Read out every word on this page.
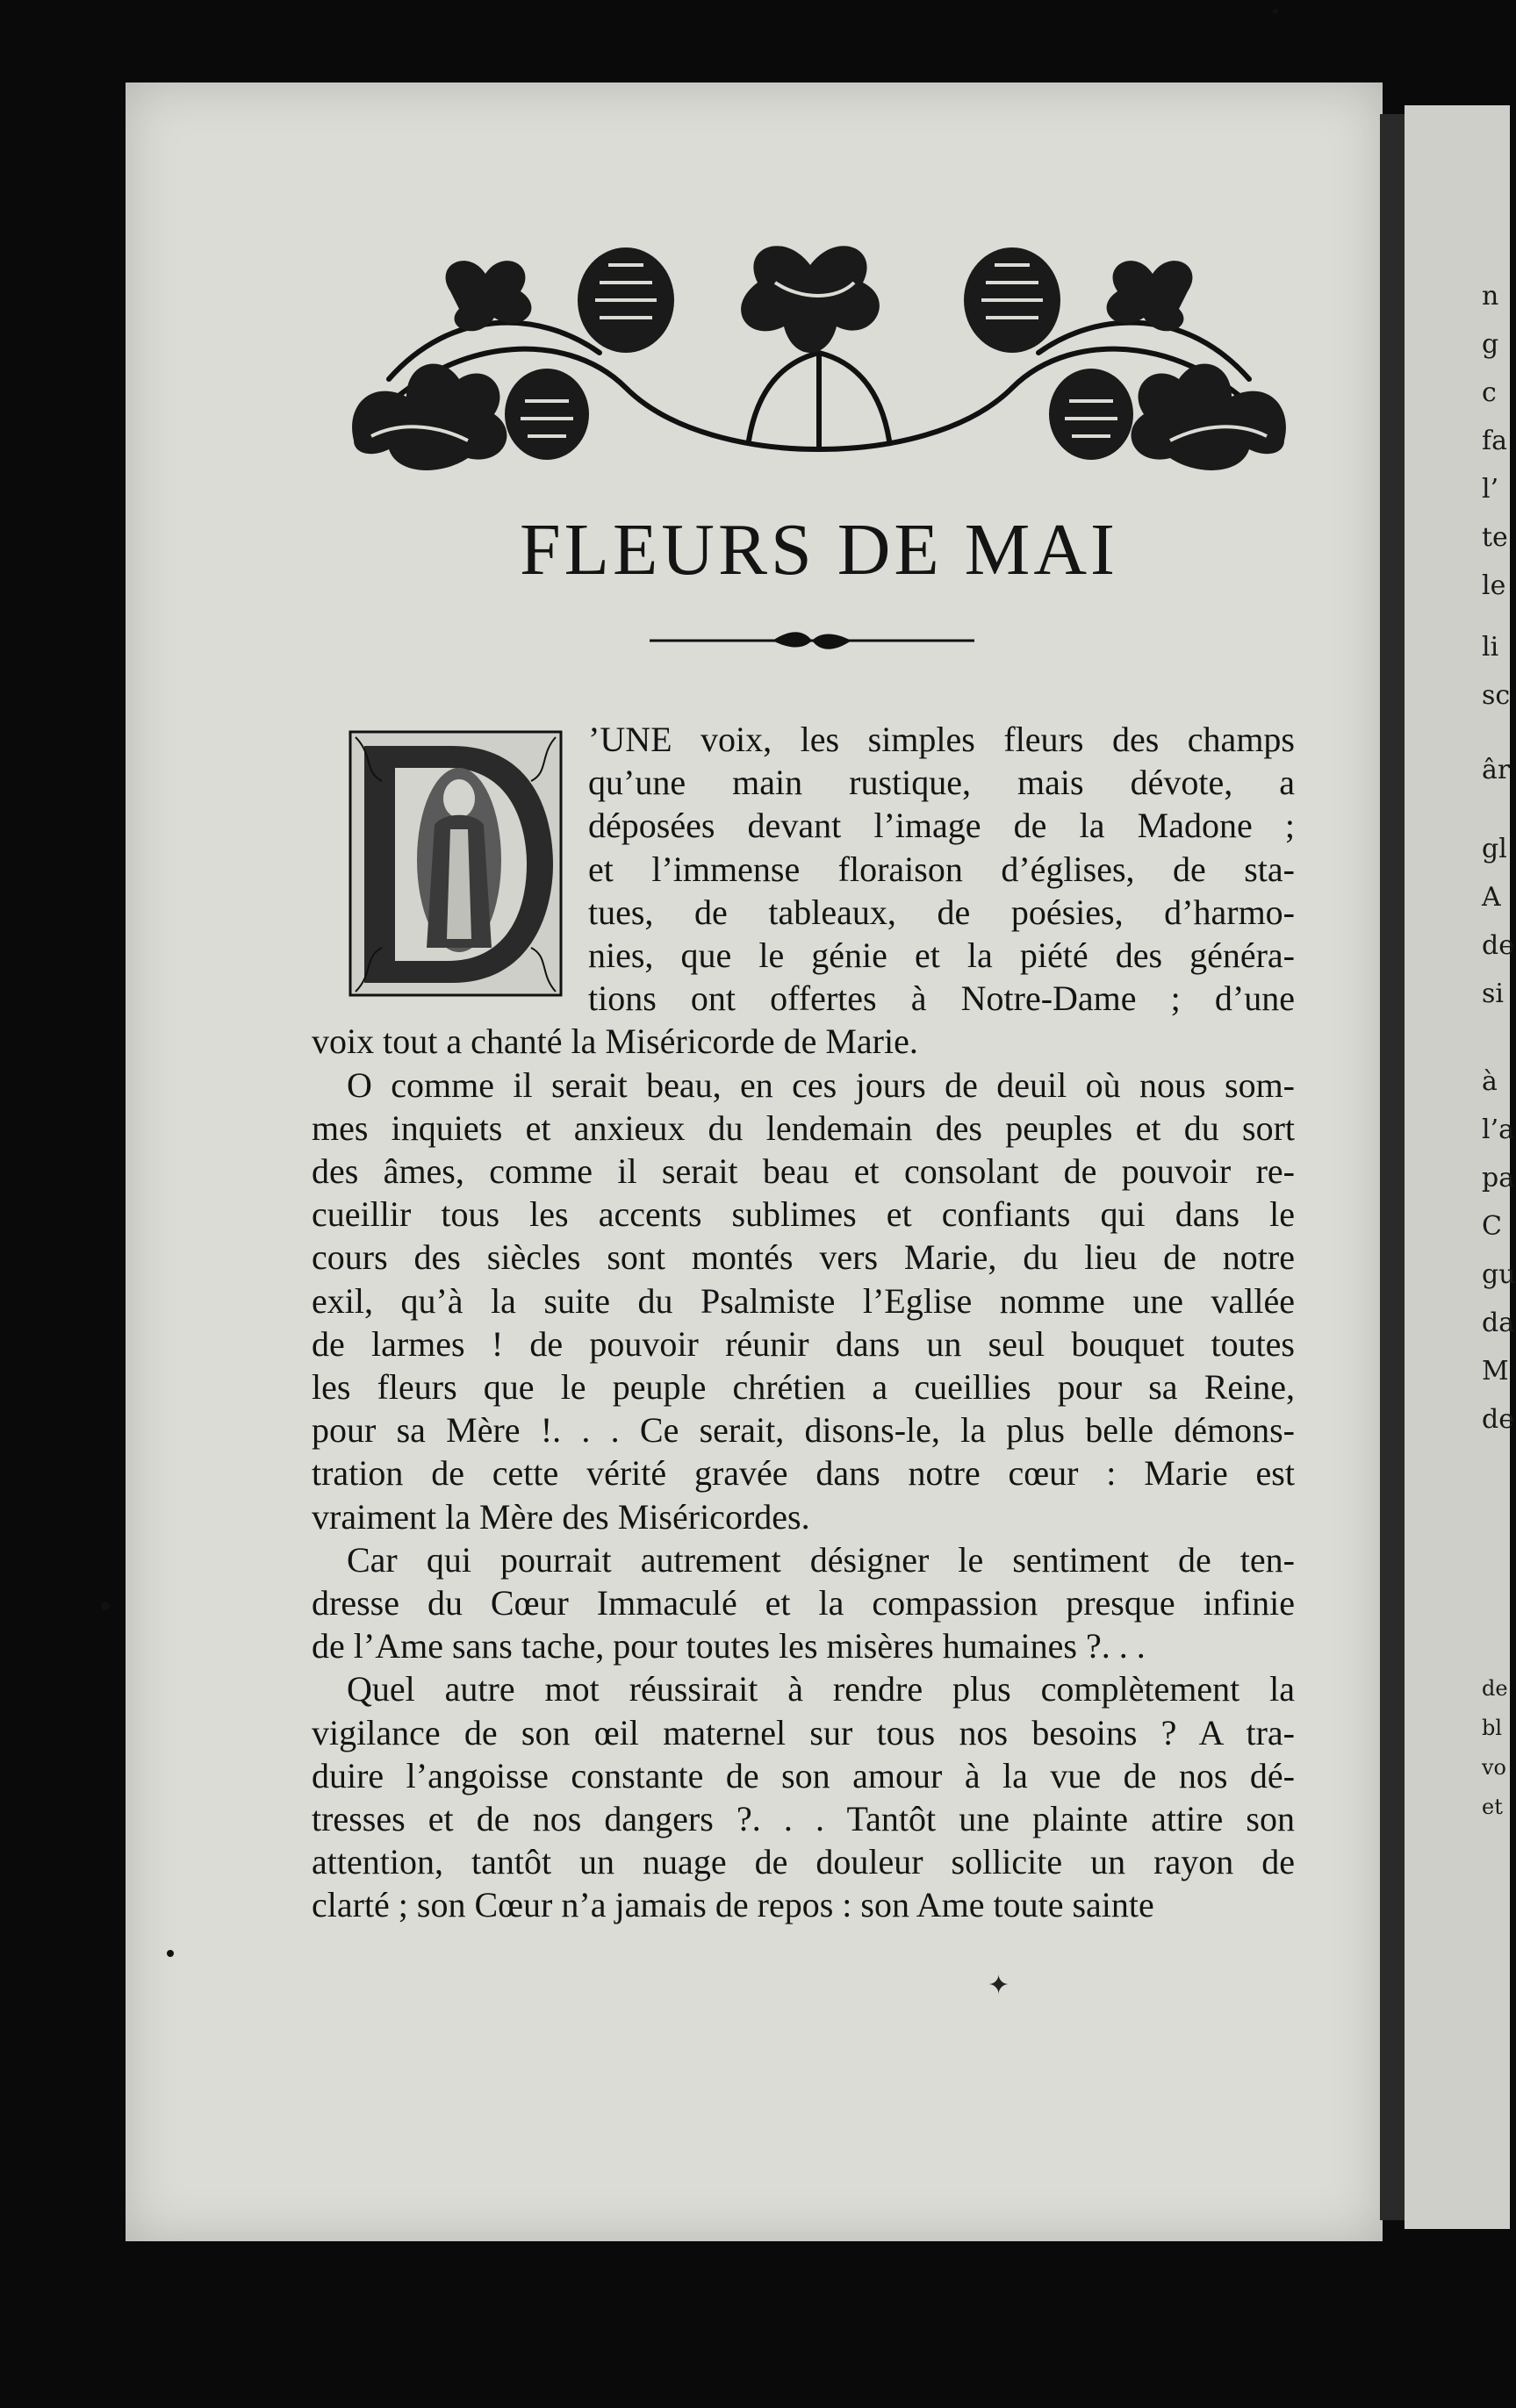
n
g
c
fa
l’
te
le
li
sc
âr
gl
A
de
si
à
l’a
pa
C
gu
da
M
de
de
bl
vo
et
FLEURS DE MAI

’UNE voix, les simples fleurs des champs
qu’une main rustique, mais dévote, a
déposées devant l’image de la Madone ;
et l’immense floraison d’églises, de sta-
tues, de tableaux, de poésies, d’harmo-
nies, que le génie et la piété des généra-
tions ont offertes à Notre-Dame ; d’une
voix tout a chanté la Miséricorde de Marie.

O comme il serait beau, en ces jours de deuil où nous som-
mes inquiets et anxieux du lendemain des peuples et du sort
des âmes, comme il serait beau et consolant de pouvoir re-
cueillir tous les accents sublimes et confiants qui dans le
cours des siècles sont montés vers Marie, du lieu de notre
exil, qu’à la suite du Psalmiste l’Eglise nomme une vallée
de larmes ! de pouvoir réunir dans un seul bouquet toutes
les fleurs que le peuple chrétien a cueillies pour sa Reine,
pour sa Mère !. . . Ce serait, disons-le, la plus belle démons-
tration de cette vérité gravée dans notre cœur : Marie est
vraiment la Mère des Miséricordes.

Car qui pourrait autrement désigner le sentiment de ten-
dresse du Cœur Immaculé et la compassion presque infinie
de l’Ame sans tache, pour toutes les misères humaines ?. . .

Quel autre mot réussirait à rendre plus complètement la
vigilance de son œil maternel sur tous nos besoins ? A tra-
duire l’angoisse constante de son amour à la vue de nos dé-
tresses et de nos dangers ?. . . Tantôt une plainte attire son
attention, tantôt un nuage de douleur sollicite un rayon de
clarté ; son Cœur n’a jamais de repos : son Ame toute sainte

✦
